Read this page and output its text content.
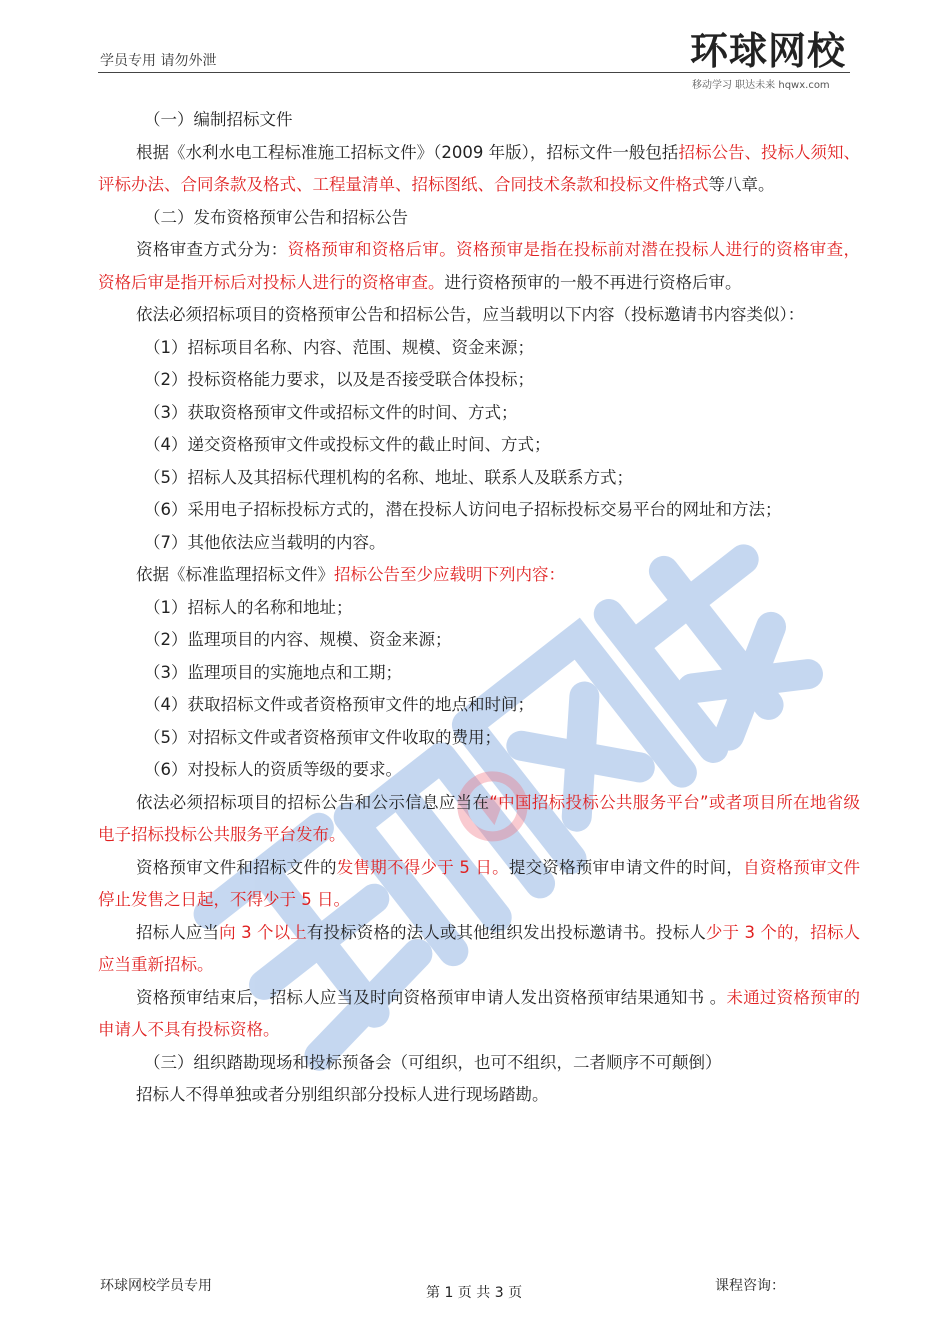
学员专用 请勿外泄	环球网校
移动学习 职达未来 hqwx.com

（一）编制招标文件

根据《水利水电工程标准施工招标文件》（2009 年版），招标文件一般包括招标公告、投标人须知、评标办法、合同条款及格式、工程量清单、招标图纸、合同技术条款和投标文件格式等八章。

（二）发布资格预审公告和招标公告

资格审查方式分为：资格预审和资格后审。资格预审是指在投标前对潜在投标人进行的资格审查，资格后审是指开标后对投标人进行的资格审查。进行资格预审的一般不再进行资格后审。

依法必须招标项目的资格预审公告和招标公告，应当载明以下内容（投标邀请书内容类似）：

（1）招标项目名称、内容、范围、规模、资金来源；

（2）投标资格能力要求，以及是否接受联合体投标；

（3）获取资格预审文件或招标文件的时间、方式；

（4）递交资格预审文件或投标文件的截止时间、方式；

（5）招标人及其招标代理机构的名称、地址、联系人及联系方式；

（6）采用电子招标投标方式的，潜在投标人访问电子招标投标交易平台的网址和方法；

（7）其他依法应当载明的内容。

依据《标准监理招标文件》招标公告至少应载明下列内容：

（1）招标人的名称和地址；

（2）监理项目的内容、规模、资金来源；

（3）监理项目的实施地点和工期；

（4）获取招标文件或者资格预审文件的地点和时间；

（5）对招标文件或者资格预审文件收取的费用；

（6）对投标人的资质等级的要求。

依法必须招标项目的招标公告和公示信息应当在“中国招标投标公共服务平台”或者项目所在地省级电子招标投标公共服务平台发布。

资格预审文件和招标文件的发售期不得少于 5 日。提交资格预审申请文件的时间，自资格预审文件停止发售之日起，不得少于 5 日。

招标人应当向 3 个以上有投标资格的法人或其他组织发出投标邀请书。投标人少于 3 个的，招标人应当重新招标。

资格预审结束后，招标人应当及时向资格预审申请人发出资格预审结果通知书 。未通过资格预审的申请人不具有投标资格。

（三）组织踏勘现场和投标预备会（可组织，也可不组织，二者顺序不可颠倒）

招标人不得单独或者分别组织部分投标人进行现场踏勘。

环球网校学员专用	第 1 页 共 3 页	课程咨询：
